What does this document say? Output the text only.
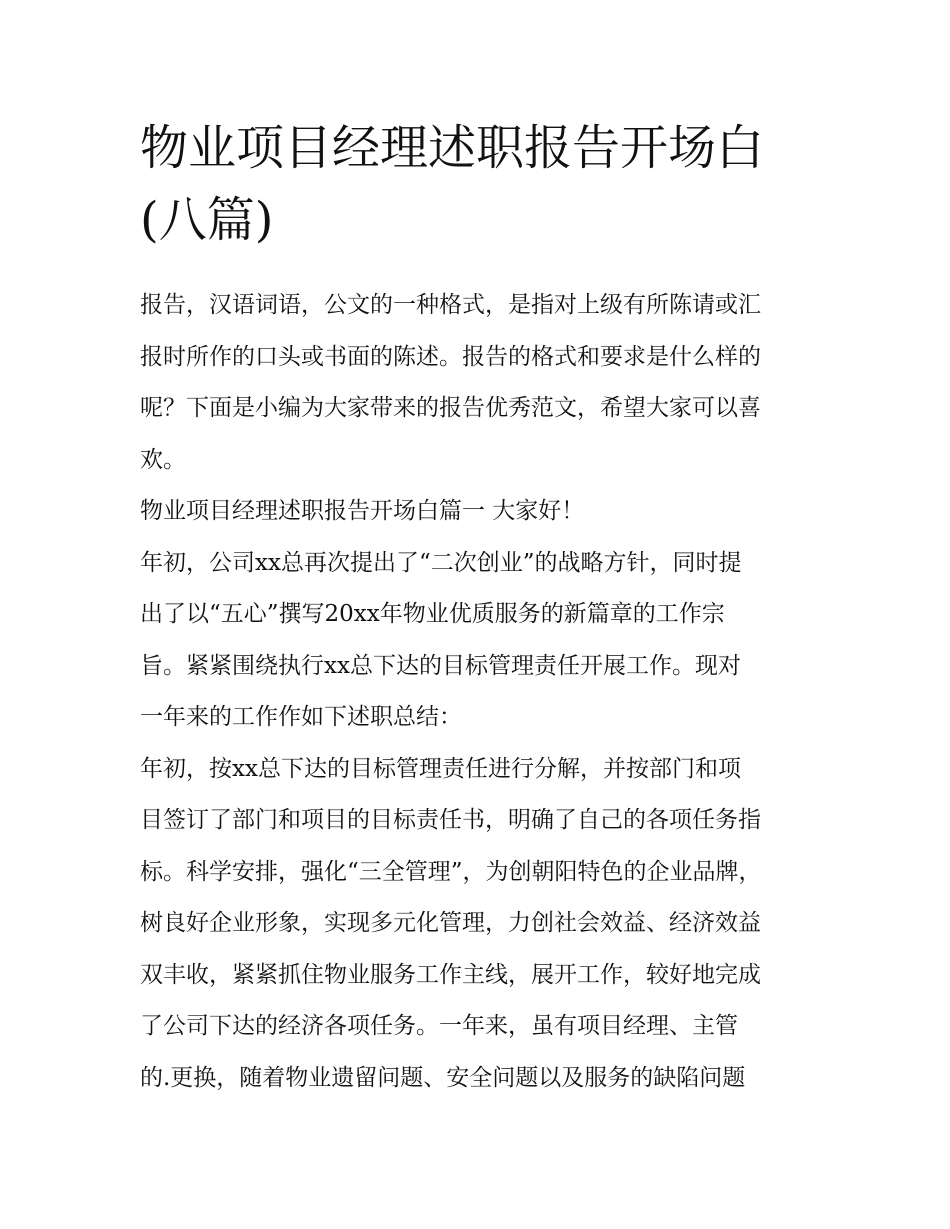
物业项目经理述职报告开场白
(八篇)

报告，汉语词语，公文的一种格式，是指对上级有所陈请或汇
报时所作的口头或书面的陈述。报告的格式和要求是什么样的
呢？下面是小编为大家带来的报告优秀范文，希望大家可以喜
欢。

物业项目经理述职报告开场白篇一 大家好！

年初，公司xx总再次提出了“二次创业”的战略方针，同时提
出了以“五心”撰写20xx年物业优质服务的新篇章的工作宗
旨。紧紧围绕执行xx总下达的目标管理责任开展工作。现对
一年来的工作作如下述职总结：

年初，按xx总下达的目标管理责任进行分解，并按部门和项
目签订了部门和项目的目标责任书，明确了自己的各项任务指
标。科学安排，强化“三全管理”，为创朝阳特色的企业品牌，
树良好企业形象，实现多元化管理，力创社会效益、经济效益
双丰收，紧紧抓住物业服务工作主线，展开工作，较好地完成
了公司下达的经济各项任务。一年来，虽有项目经理、主管
的.更换，随着物业遗留问题、安全问题以及服务的缺陷问题
